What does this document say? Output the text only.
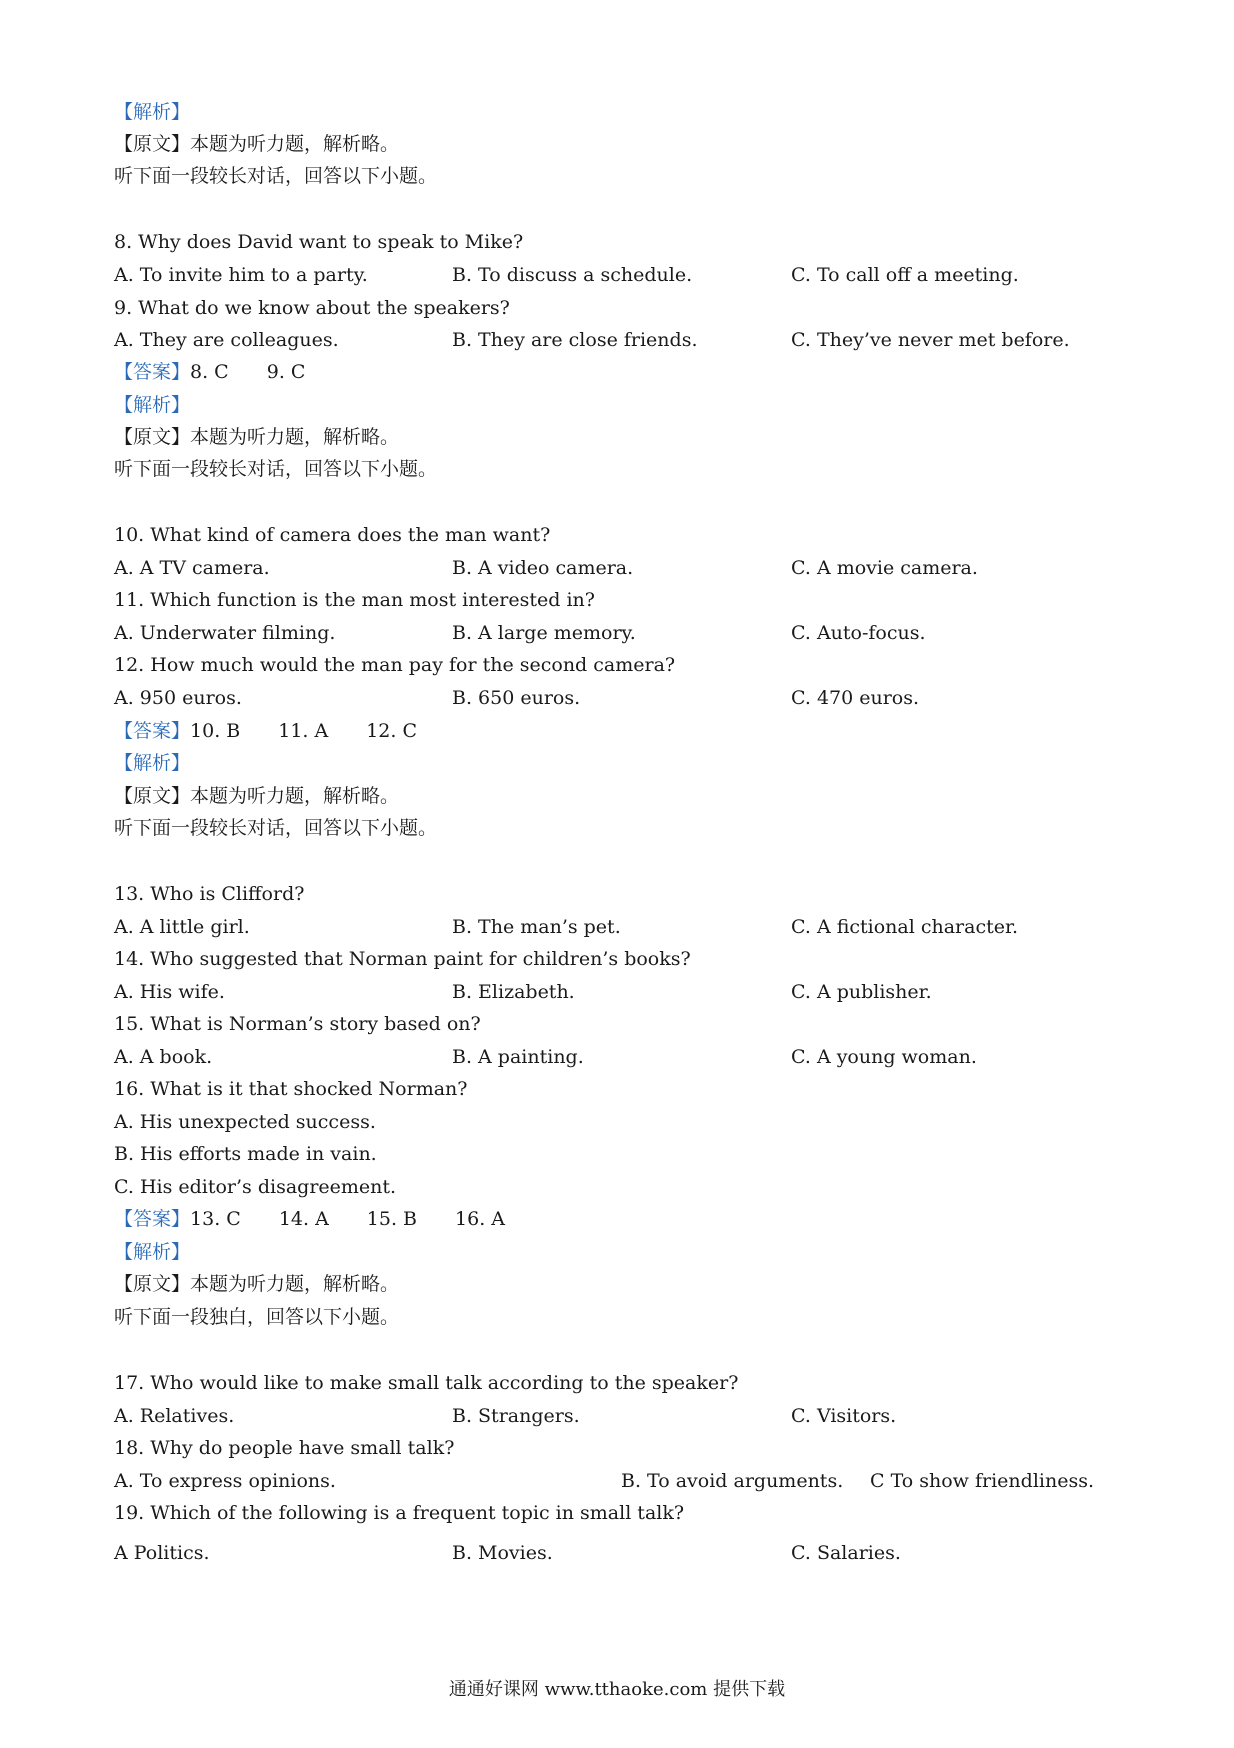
【解析】
【原文】本题为听力题，解析略。
听下面一段较长对话，回答以下小题。
8. Why does David want to speak to Mike?
A. To invite him to a party.	B. To discuss a schedule.	C. To call off a meeting.
9. What do we know about the speakers?
A. They are colleagues.	B. They are close friends.	C. They’ve never met before.
【答案】8. C 9. C
【解析】
【原文】本题为听力题，解析略。
听下面一段较长对话，回答以下小题。
10. What kind of camera does the man want?
A. A TV camera.	B. A video camera.	C. A movie camera.
11. Which function is the man most interested in?
A. Underwater filming.	B. A large memory.	C. Auto-focus.
12. How much would the man pay for the second camera?
A. 950 euros.	B. 650 euros.	C. 470 euros.
【答案】10. B 11. A 12. C
【解析】
【原文】本题为听力题，解析略。
听下面一段较长对话，回答以下小题。
13. Who is Clifford?
A. A little girl.	B. The man’s pet.	C. A fictional character.
14. Who suggested that Norman paint for children’s books?
A. His wife.	B. Elizabeth.	C. A publisher.
15. What is Norman’s story based on?
A. A book.	B. A painting.	C. A young woman.
16. What is it that shocked Norman?
A. His unexpected success.
B. His efforts made in vain.
C. His editor’s disagreement.
【答案】13. C 14. A 15. B 16. A
【解析】
【原文】本题为听力题，解析略。
听下面一段独白，回答以下小题。
17. Who would like to make small talk according to the speaker?
A. Relatives.	B. Strangers.	C. Visitors.
18. Why do people have small talk?
A. To express opinions.	B. To avoid arguments. C To show friendliness.
19. Which of the following is a frequent topic in small talk?
A Politics.	B. Movies.	C. Salaries.
通通好课网 www.tthaoke.com 提供下载
